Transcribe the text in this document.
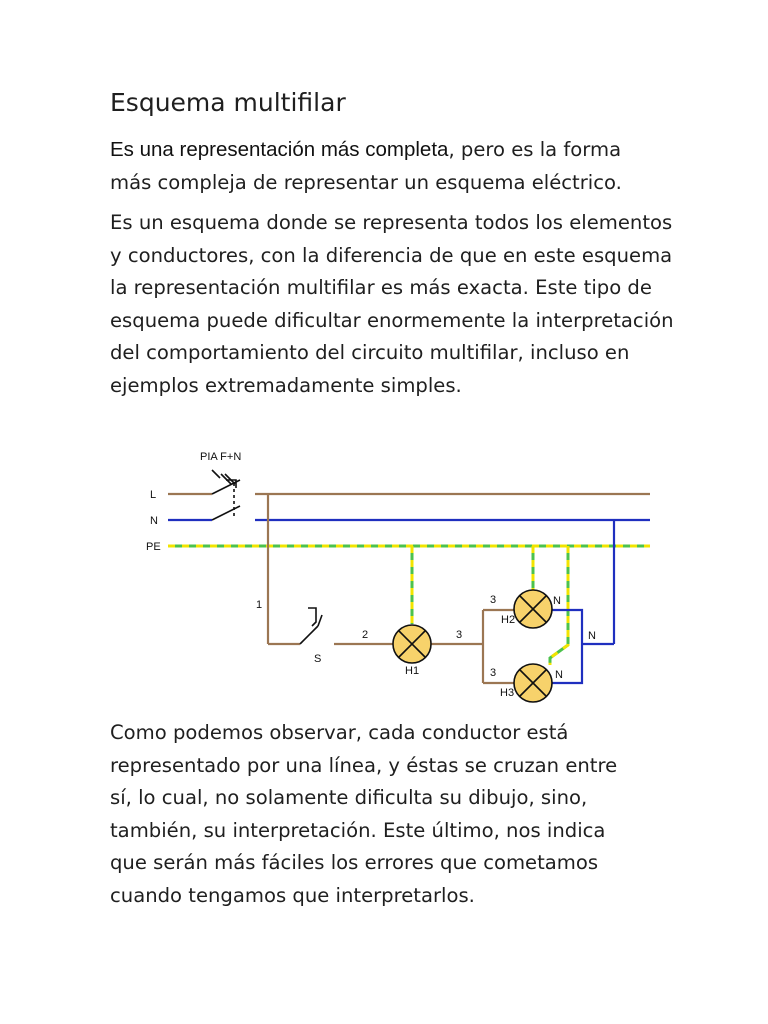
Esquema multifilar

Es una representación más completa, pero es la forma
más compleja de representar un esquema eléctrico.

Es un esquema donde se representa todos los elementos
y conductores, con la diferencia de que en este esquema
la representación multifilar es más exacta. Este tipo de
esquema puede dificultar enormemente la interpretación
del comportamiento del circuito multifilar, incluso en
ejemplos extremadamente simples.

PIA F+N
L
N
PE
1
S
2	3
3
3
N
N
N
H1
H2
H3

Como podemos observar, cada conductor está
representado por una línea, y éstas se cruzan entre
sí, lo cual, no solamente dificulta su dibujo, sino,
también, su interpretación. Este último, nos indica
que serán más fáciles los errores que cometamos
cuando tengamos que interpretarlos.
